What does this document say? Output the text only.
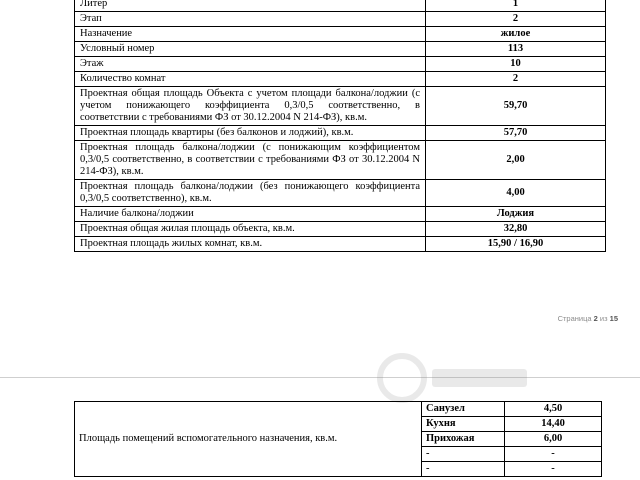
Литер	1
Этап	2
Назначение	жилое
Условный номер	113
Этаж	10
Количество комнат	2
Проектная общая площадь Объекта с учетом площади балкона/лоджии (с учетом понижающего коэффициента 0,3/0,5 соответственно, в соответствии с требованиями ФЗ от 30.12.2004 N 214-ФЗ), кв.м.	59,70
Проектная площадь квартиры (без балконов и лоджий), кв.м.	57,70
Проектная площадь балкона/лоджии (с понижающим коэффициентом 0,3/0,5 соответственно, в соответствии с требованиями ФЗ от 30.12.2004 N 214-ФЗ), кв.м.	2,00
Проектная площадь балкона/лоджии (без понижающего коэффициента 0,3/0,5 соответственно), кв.м.	4,00
Наличие балкона/лоджии	Лоджия
Проектная общая жилая площадь объекта, кв.м.	32,80
Проектная площадь жилых комнат, кв.м.	15,90 / 16,90
Страница 2 из 15
Площадь помещений вспомогательного назначения, кв.м.	Санузел	4,50
	Кухня	14,40
	Прихожая	6,00
	-	-
	-	-
